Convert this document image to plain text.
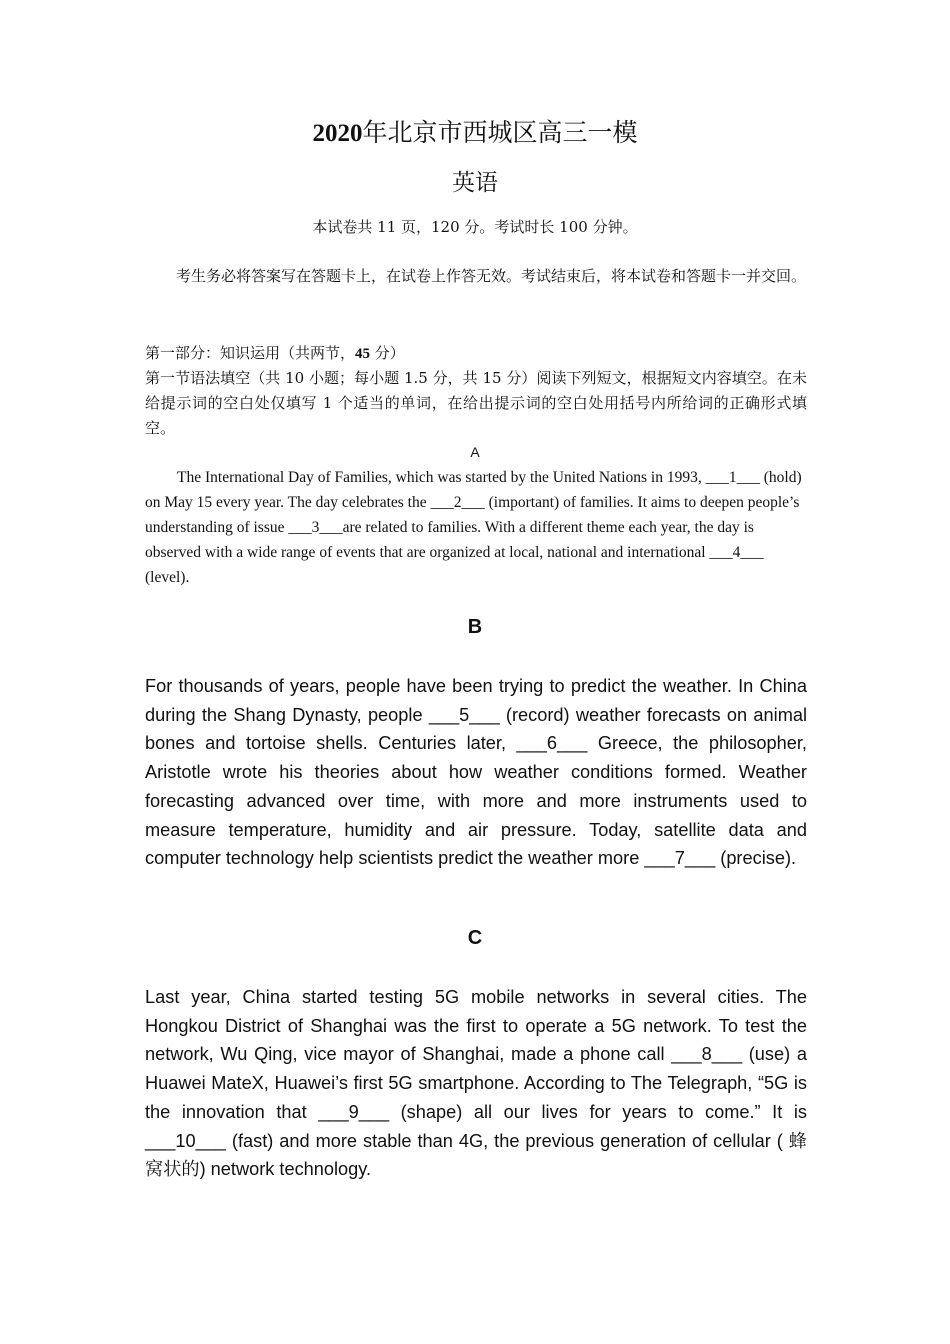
2020年北京市西城区高三一模
英语
本试卷共 11 页，120 分。考试时长 100 分钟。
考生务必将答案写在答题卡上，在试卷上作答无效。考试结束后，将本试卷和答题卡一并交回。
第一部分：知识运用（共两节，45 分）
第一节语法填空（共 10 小题；每小题 1.5 分，共 15 分）阅读下列短文，根据短文内容填空。在未给提示词的空白处仅填写 1 个适当的单词，在给出提示词的空白处用括号内所给词的正确形式填空。
A
The International Day of Families, which was started by the United Nations in 1993, ___1___ (hold) on May 15 every year. The day celebrates the ___2___ (important) of families. It aims to deepen people’s understanding of issue ___3___are related to families. With a different theme each year, the day is observed with a wide range of events that are organized at local, national and international ___4___ (level).
B
For thousands of years, people have been trying to predict the weather. In China during the Shang Dynasty, people ___5___ (record) weather forecasts on animal bones and tortoise shells. Centuries later, ___6___ Greece, the philosopher, Aristotle wrote his theories about how weather conditions formed. Weather forecasting advanced over time, with more and more instruments used to measure temperature, humidity and air pressure. Today, satellite data and computer technology help scientists predict the weather more ___7___ (precise).
C
Last year, China started testing 5G mobile networks in several cities. The Hongkou District of Shanghai was the first to operate a 5G network. To test the network, Wu Qing, vice mayor of Shanghai, made a phone call ___8___ (use) a Huawei MateX, Huawei’s first 5G smartphone. According to The Telegraph, “5G is the innovation that ___9___ (shape) all our lives for years to come.” It is ___10___ (fast) and more stable than 4G, the previous generation of cellular ( 蜂窝状的) network technology.
